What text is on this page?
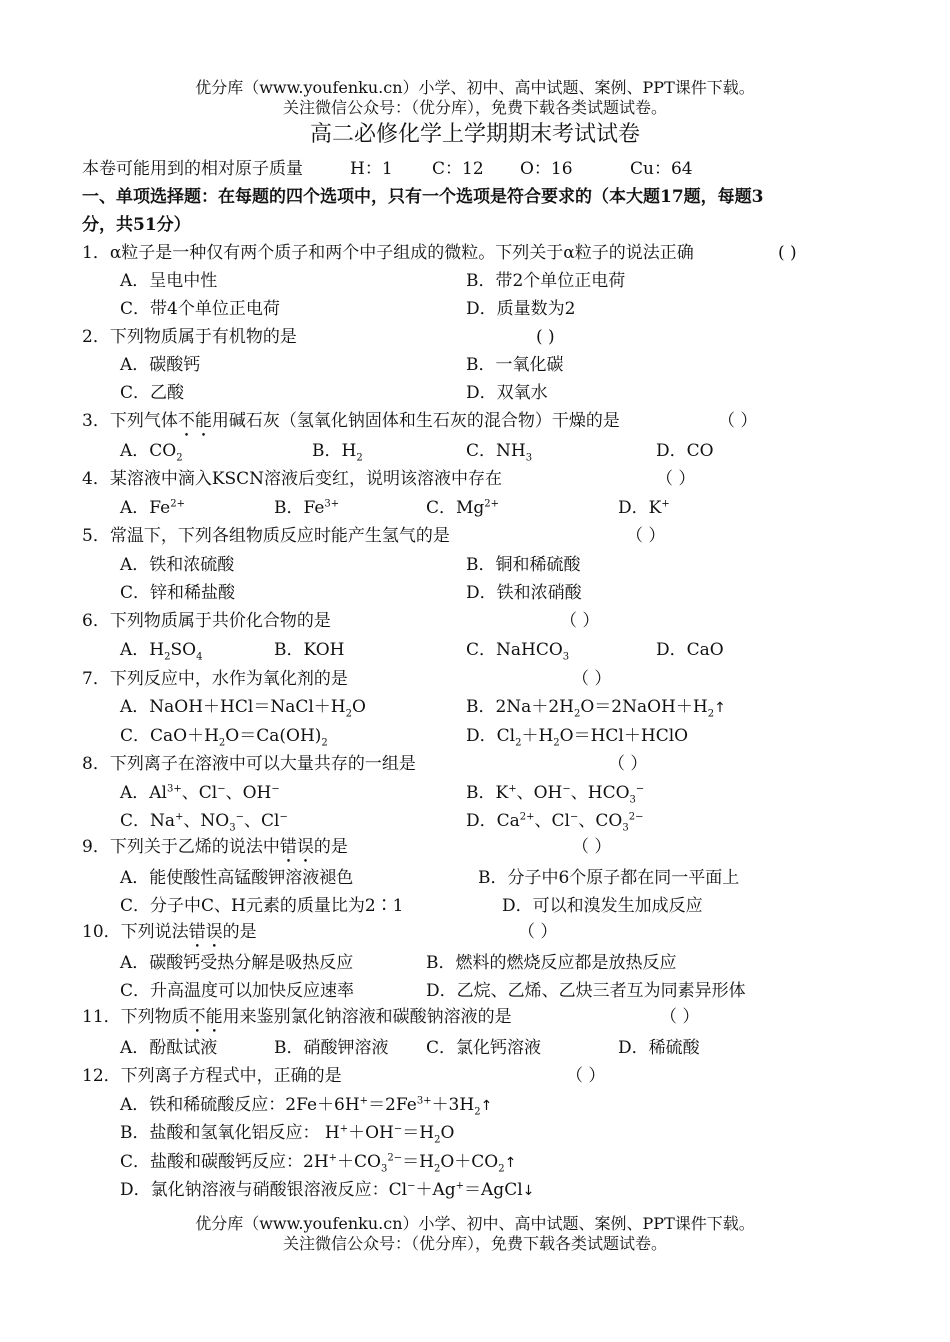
优分库（www.youfenku.cn）小学、初中、高中试题、案例、PPT课件下载。
关注微信公众号：（优分库），免费下载各类试题试卷。
高二必修化学上学期期末考试试卷
本卷可能用到的相对原子质量	H：1 C：12 O：16	Cu：64
一、单项选择题：在每题的四个选项中，只有一个选项是符合要求的（本大题17题，每题3
分，共51分）
1．α粒子是一种仅有两个质子和两个中子组成的微粒。下列关于α粒子的说法正确	( )
A．呈电中性	B．带2个单位正电荷
C．带4个单位正电荷	D．质量数为2
2．下列物质属于有机物的是	( )
A．碳酸钙	B．一氧化碳
C．乙酸	D．双氧水
3．下列气体不能用碱石灰（氢氧化钠固体和生石灰的混合物）干燥的是	（ ）
A．$CO_2$	B．$H_2$	C．$NH_3$	D．CO
4．某溶液中滴入KSCN溶液后变红，说明该溶液中存在	（ ）
A．$Fe^{2+}$	B．$Fe^{3+}$	C．$Mg^{2+}$	D．K+
5．常温下，下列各组物质反应时能产生氢气的是	（ ）
A．铁和浓硫酸	B．铜和稀硫酸
C．锌和稀盐酸	D．铁和浓硝酸
6．下列物质属于共价化合物的是	（ ）
A．$H_2SO_4$	B．KOH	C．NaHCO$_3$	D．CaO
7．下列反应中，水作为氧化剂的是	（ ）
A．$NaOH+HCl=NaCl+H_2O$	B．$2Na+2H_2O=2NaOH+H_2↑$
C．$CaO+H_2O=Ca(OH)_2$	D．$Cl_2+H_2O=HCl+HClO$
8．下列离子在溶液中可以大量共存的一组是	（ ）
A．$Al^{3+}$、Cl−、OH−	B．K+、OH−、$HCO_3^-$
C．Na+、$NO_3^-$、Cl−	D．$Ca^{2+}$、Cl−、$CO_3^{2-}$
9．下列关于乙烯的说法中错误的是	（ ）
A．能使酸性高锰酸钾溶液褪色	B．分子中6个原子都在同一平面上
C．分子中C、H元素的质量比为2∶1	D．可以和溴发生加成反应
10．下列说法错误的是	（ ）
A．碳酸钙受热分解是吸热反应	B．燃料的燃烧反应都是放热反应
C．升高温度可以加快反应速率	D．乙烷、乙烯、乙炔三者互为同素异形体
11．下列物质不能用来鉴别氯化钠溶液和碳酸钠溶液的是	（ ）
A．酚酞试液	B．硝酸钾溶液 C．氯化钙溶液	D．稀硫酸
12．下列离子方程式中，正确的是	（ ）
A．铁和稀硫酸反应：$2Fe+6H^+=2Fe^{3+}+3H_2↑$
B．盐酸和氢氧化铝反应： $H^++OH^-=H_2O$
C．盐酸和碳酸钙反应：$2H^++CO_3^{2-}=H_2O+CO_2↑$
D．氯化钠溶液与硝酸银溶液反应：Cl−＋Ag+＝AgCl↓
优分库（www.youfenku.cn）小学、初中、高中试题、案例、PPT课件下载。
关注微信公众号：（优分库），免费下载各类试题试卷。
